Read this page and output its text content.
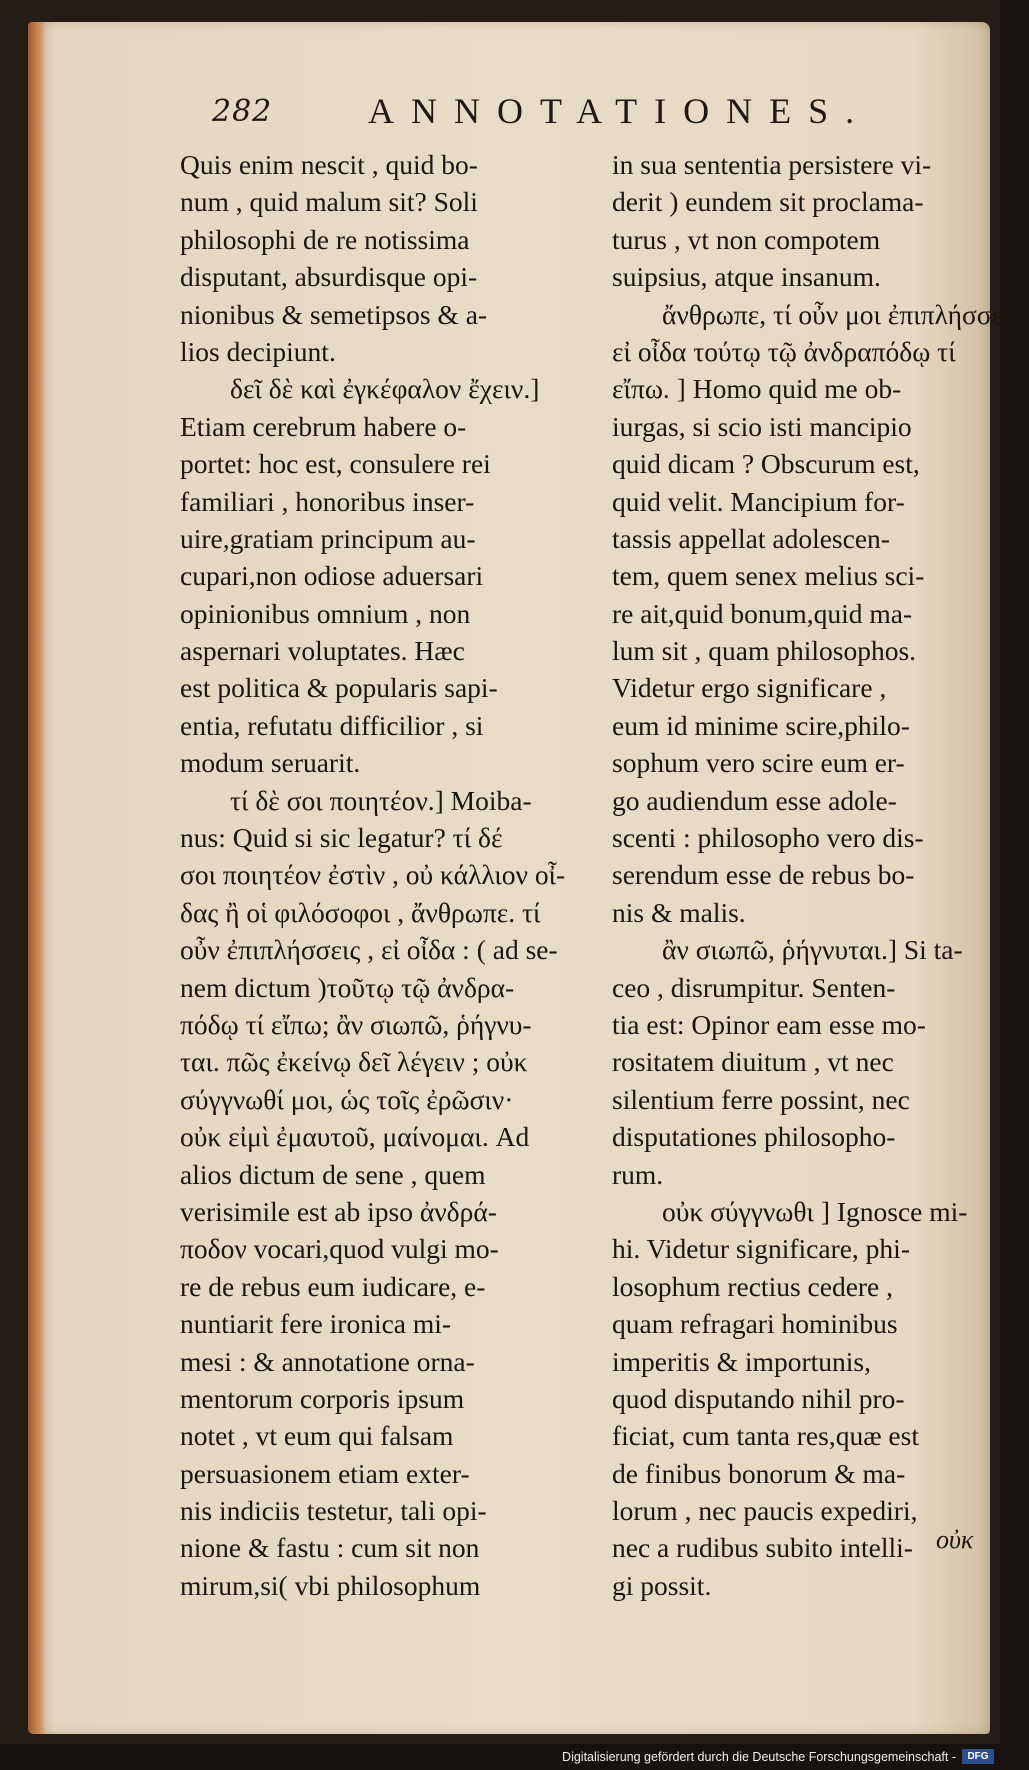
282	ANNOTATIONES.
Quis enim nescit , quid bo-
num , quid malum sit? Soli
philosophi de re notissima
disputant, absurdisque opi-
nionibus & semetipsos & a-
lios decipiunt.
δεῖ δὲ καὶ ἐγκέφαλον ἔχειν.]
Etiam cerebrum habere o-
portet: hoc est, consulere rei
familiari , honoribus inser-
uire,gratiam principum au-
cupari,non odiose aduersari
opinionibus omnium , non
aspernari voluptates. Hæc
est politica & popularis sapi-
entia, refutatu difficilior , si
modum seruarit.
τί δὲ σοι ποιητέον.] Moiba-
nus: Quid si sic legatur? τί δέ
σοι ποιητέον ἐστὶν , οὐ κάλλιον οἶ-
δας ἢ οἱ φιλόσοφοι , ἄνθρωπε. τί
οὖν ἐπιπλήσσεις , εἰ οἶδα : ( ad se-
nem dictum )τοῦτῳ τῷ ἀνδρα-
πόδῳ τί εἴπω; ἂν σιωπῶ, ῥήγνυ-
ται. πῶς ἐκείνῳ δεῖ λέγειν ; οὐκ
σύγγνωθί μοι, ὡς τοῖς ἐρῶσιν·
οὐκ εἰμὶ ἐμαυτοῦ, μαίνομαι. Ad
alios dictum de sene , quem
verisimile est ab ipso ἀνδρά-
ποδον vocari,quod vulgi mo-
re de rebus eum iudicare, e-
nuntiarit fere ironica mi-
mesi : & annotatione orna-
mentorum corporis ipsum
notet , vt eum qui falsam
persuasionem etiam exter-
nis indiciis testetur, tali opi-
nione & fastu : cum sit non
mirum,si( vbi philosophum
in sua sententia persistere vi-
derit ) eundem sit proclama-
turus , vt non compotem
suipsius, atque insanum.
ἄνθρωπε, τί οὖν μοι ἐπιπλήσσεις;
εἰ οἶδα τούτῳ τῷ ἀνδραπόδῳ τί
εἴπω. ] Homo quid me ob-
iurgas, si scio isti mancipio
quid dicam ? Obscurum est,
quid velit. Mancipium for-
tassis appellat adolescen-
tem, quem senex melius sci-
re ait,quid bonum,quid ma-
lum sit , quam philosophos.
Videtur ergo significare ,
eum id minime scire,philo-
sophum vero scire eum er-
go audiendum esse adole-
scenti : philosopho vero dis-
serendum esse de rebus bo-
nis & malis.
ἂν σιωπῶ, ῥήγνυται.] Si ta-
ceo , disrumpitur. Senten-
tia est: Opinor eam esse mo-
rositatem diuitum , vt nec
silentium ferre possint, nec
disputationes philosopho-
rum.
οὐκ σύγγνωθι ] Ignosce mi-
hi. Videtur significare, phi-
losophum rectius cedere ,
quam refragari hominibus
imperitis & importunis,
quod disputando nihil pro-
ficiat, cum tanta res,quæ est
de finibus bonorum & ma-
lorum , nec paucis expediri,
nec a rudibus subito intelli-
gi possit.
οὐκ
Digitalisierung gefördert durch die Deutsche Forschungsgemeinschaft -	DFG
